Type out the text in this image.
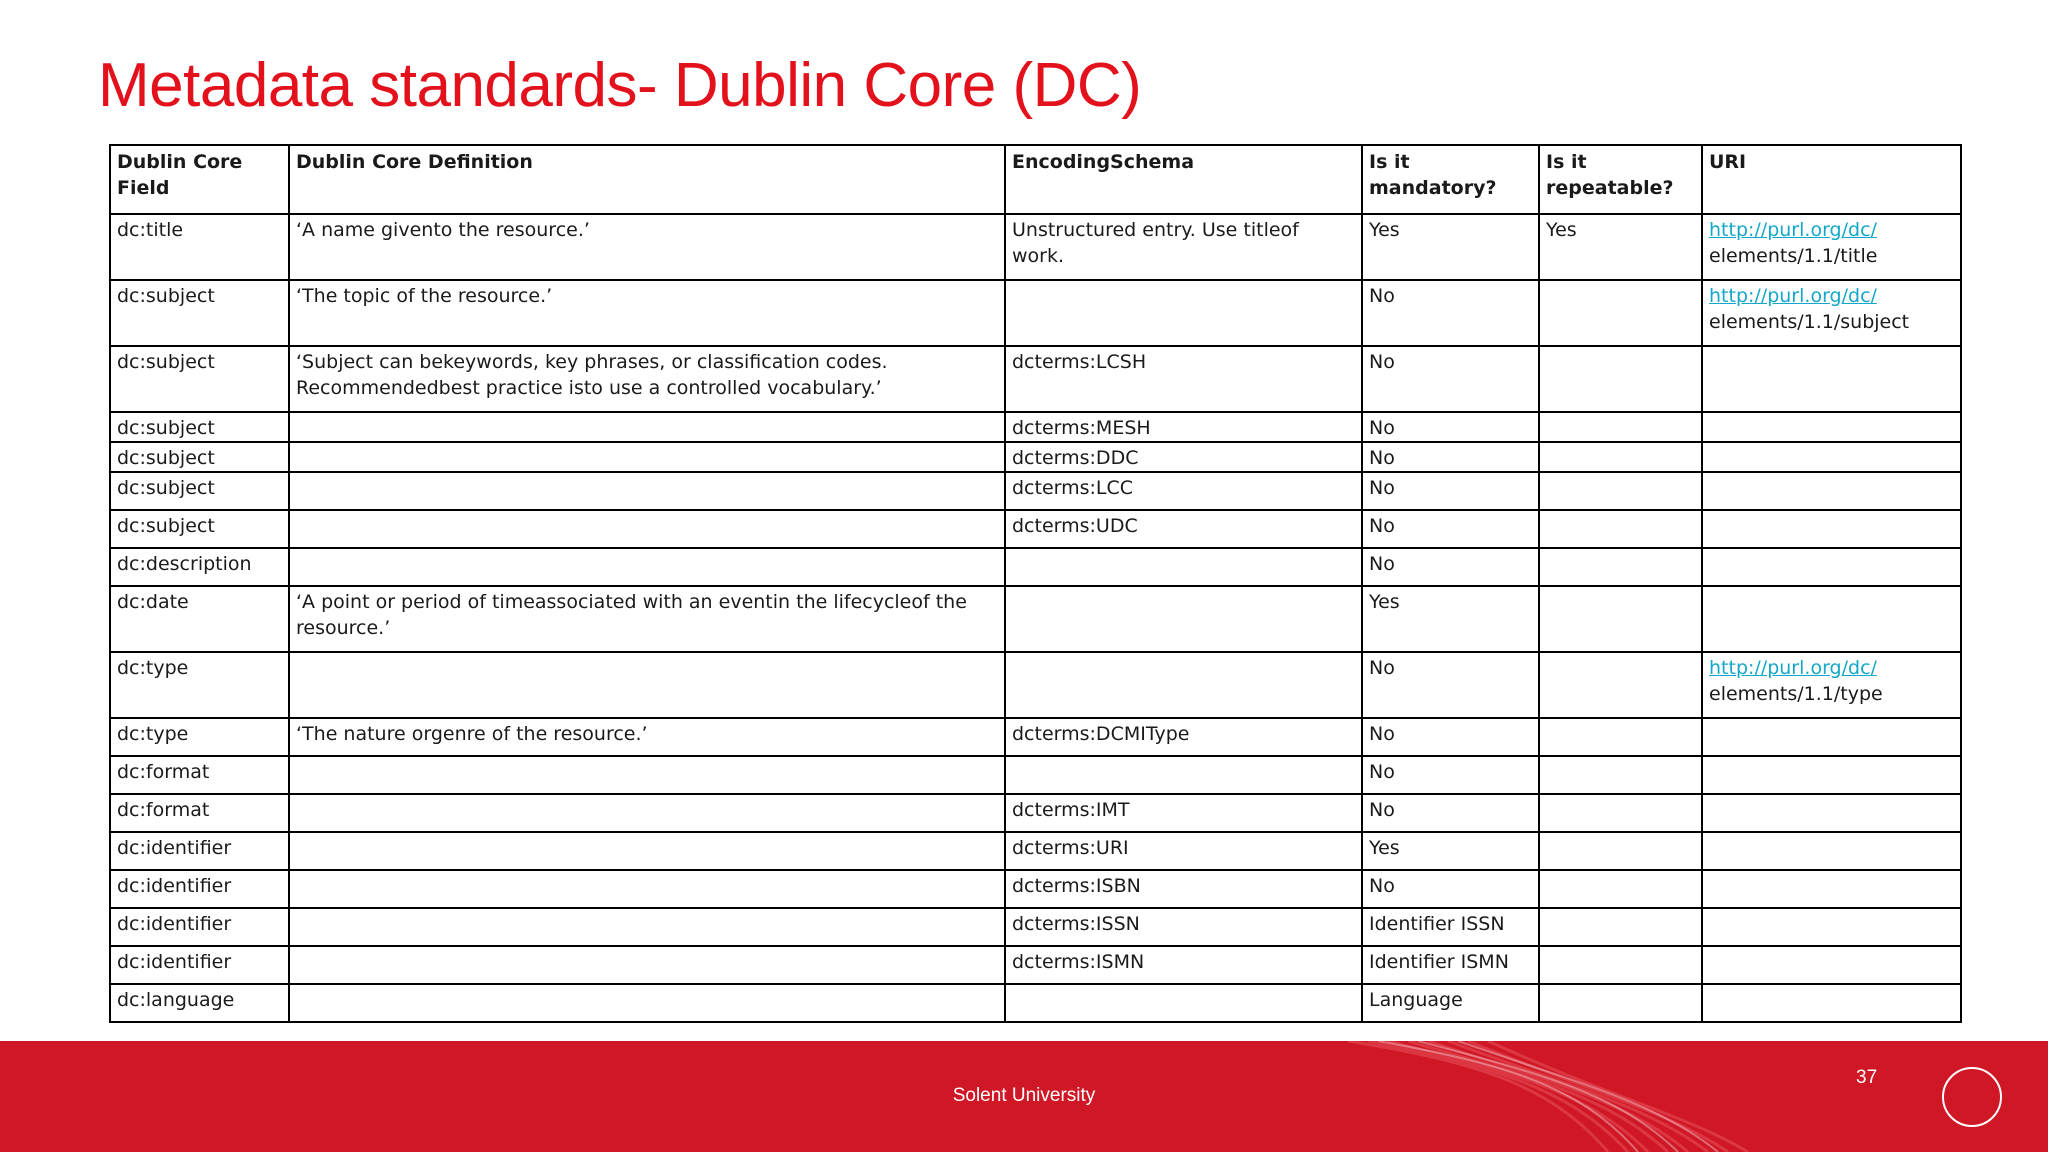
Metadata standards- Dublin Core (DC)
Dublin Core Field	Dublin Core Definition	EncodingSchema	Is it mandatory?	Is it repeatable?	URI
dc:title	‘A name givento the resource.’	Unstructured entry. Use titleof work.	Yes	Yes	http://purl.org/dc/
elements/1.1/title
dc:subject	‘The topic of the resource.’		No		http://purl.org/dc/
elements/1.1/subject
dc:subject	‘Subject can bekeywords, key phrases, or classification codes. Recommendedbest practice isto use a controlled vocabulary.’	dcterms:LCSH	No		
dc:subject		dcterms:MESH	No		
dc:subject		dcterms:DDC	No		
dc:subject		dcterms:LCC	No		
dc:subject		dcterms:UDC	No		
dc:description			No		
dc:date	‘A point or period of timeassociated with an eventin the lifecycleof the resource.’		Yes		
dc:type			No		http://purl.org/dc/
elements/1.1/type
dc:type	‘The nature orgenre of the resource.’	dcterms:DCMIType	No		
dc:format			No		
dc:format		dcterms:IMT	No		
dc:identifier		dcterms:URI	Yes		
dc:identifier		dcterms:ISBN	No		
dc:identifier		dcterms:ISSN	Identifier ISSN		
dc:identifier		dcterms:ISMN	Identifier ISMN		
dc:language			Language		
Solent University
37
